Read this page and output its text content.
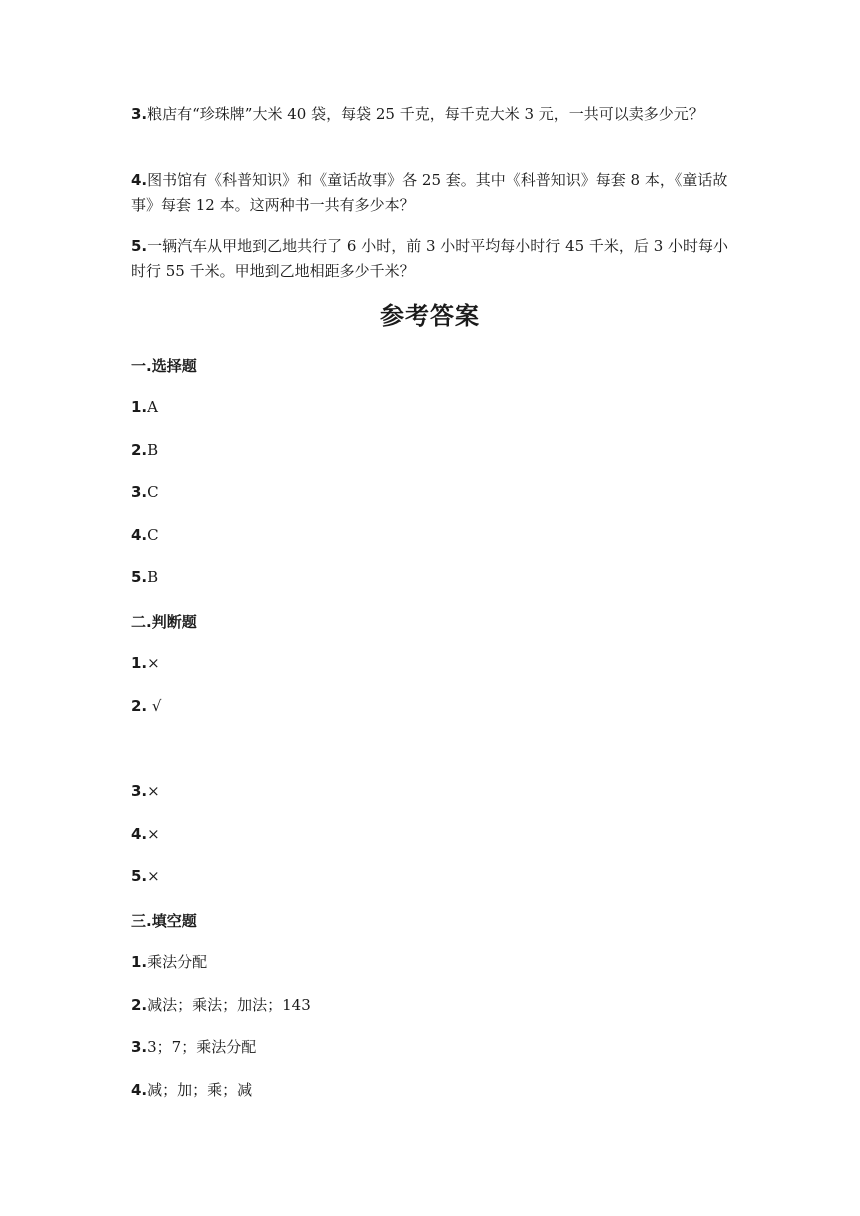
3.粮店有“珍珠牌”大米 40 袋，每袋 25 千克，每千克大米 3 元，一共可以卖多少元？
4.图书馆有《科普知识》和《童话故事》各 25 套。其中《科普知识》每套 8 本，《童话故事》每套 12 本。这两种书一共有多少本？
5.一辆汽车从甲地到乙地共行了 6 小时，前 3 小时平均每小时行 45 千米，后 3 小时每小时行 55 千米。甲地到乙地相距多少千米？
参考答案
一.选择题
1.A
2.B
3.C
4.C
5.B
二.判断题
1.×
2. √
3.×
4.×
5.×
三.填空题
1.乘法分配
2.减法；乘法；加法；143
3.3；7；乘法分配
4.减；加；乘；减
